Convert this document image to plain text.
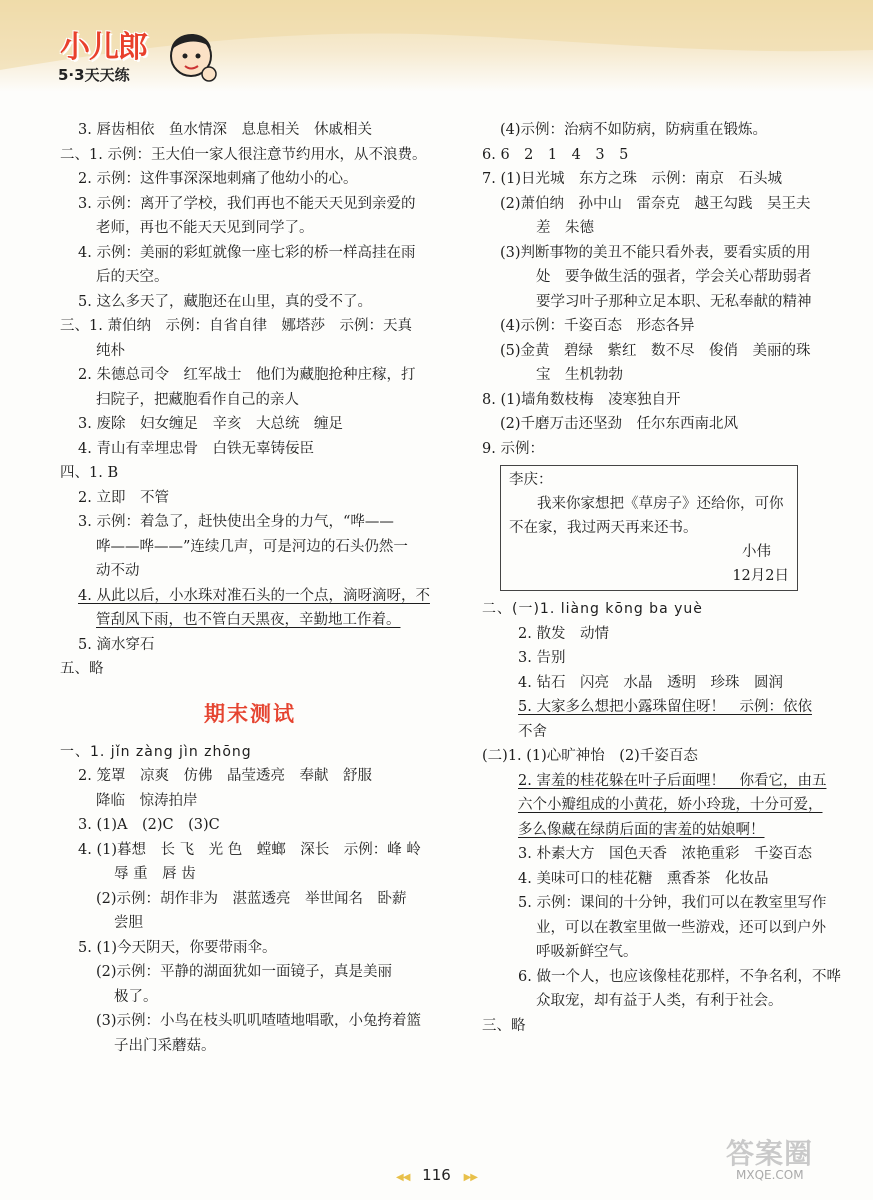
小儿郎
5·3天天练
3. 唇齿相依　鱼水情深　息息相关　休戚相关
二、1. 示例：王大伯一家人很注意节约用水，从不浪费。
2. 示例：这件事深深地刺痛了他幼小的心。
3. 示例：离开了学校，我们再也不能天天见到亲爱的
老师，再也不能天天见到同学了。
4. 示例：美丽的彩虹就像一座七彩的桥一样高挂在雨
后的天空。
5. 这么多天了，藏胞还在山里，真的受不了。
三、1. 萧伯纳　示例：自省自律　娜塔莎　示例：天真
纯朴
2. 朱德总司令　红军战士　他们为藏胞抢种庄稼，打
扫院子，把藏胞看作自己的亲人
3. 废除　妇女缠足　辛亥　大总统　缠足
4. 青山有幸埋忠骨　白铁无辜铸佞臣
四、1. B
2. 立即　不管
3. 示例：着急了，赶快使出全身的力气，“哗——
哗——哗——”连续几声，可是河边的石头仍然一
动不动
4. 从此以后，小水珠对准石头的一个点，滴呀滴呀，不
管刮风下雨，也不管白天黑夜，辛勤地工作着。
5. 滴水穿石
五、略
期末测试
一、1. jǐn zàng jìn zhōng
2. 笼罩　凉爽　仿佛　晶莹透亮　奉献　舒服
降临　惊涛拍岸
3. (1)A　(2)C　(3)C
4. (1)暮想　长 飞　光 色　螳螂　深长　示例：峰 岭
辱 重　唇 齿
(2)示例：胡作非为　湛蓝透亮　举世闻名　卧薪
尝胆
5. (1)今天阴天，你要带雨伞。
(2)示例：平静的湖面犹如一面镜子，真是美丽
极了。
(3)示例：小鸟在枝头叽叽喳喳地唱歌，小兔挎着篮
子出门采蘑菇。
(4)示例：治病不如防病，防病重在锻炼。
6. 6　2　1　4　3　5
7. (1)日光城　东方之珠　示例：南京　石头城
(2)萧伯纳　孙中山　雷奈克　越王勾践　吴王夫
差　朱德
(3)判断事物的美丑不能只看外表，要看实质的用
处　要争做生活的强者，学会关心帮助弱者
要学习叶子那种立足本职、无私奉献的精神
(4)示例：千姿百态　形态各异
(5)金黄　碧绿　紫红　数不尽　俊俏　美丽的珠
宝　生机勃勃
8. (1)墙角数枝梅　凌寒独自开
(2)千磨万击还坚劲　任尔东西南北风
9. 示例：
李庆：
我来你家想把《草房子》还给你，可你
不在家，我过两天再来还书。
小伟
12月2日
二、(一)1. liàng kōng ba yuè
2. 散发　动情
3. 告别
4. 钻石　闪亮　水晶　透明　珍珠　圆润
5. 大家多么想把小露珠留住呀！　示例：依依
不舍
(二)1. (1)心旷神怡　(2)千姿百态
2. 害羞的桂花躲在叶子后面哩！　你看它，由五
六个小瓣组成的小黄花，娇小玲珑，十分可爱，
多么像藏在绿荫后面的害羞的姑娘啊！
3. 朴素大方　国色天香　浓艳重彩　千姿百态
4. 美味可口的桂花糖　熏香茶　化妆品
5. 示例：课间的十分钟，我们可以在教室里写作
业，可以在教室里做一些游戏，还可以到户外
呼吸新鲜空气。
6. 做一个人，也应该像桂花那样，不争名利，不哗
众取宠，却有益于人类，有利于社会。
三、略
◀◀ 116 ▶▶
答案圈
MXQE.COM
